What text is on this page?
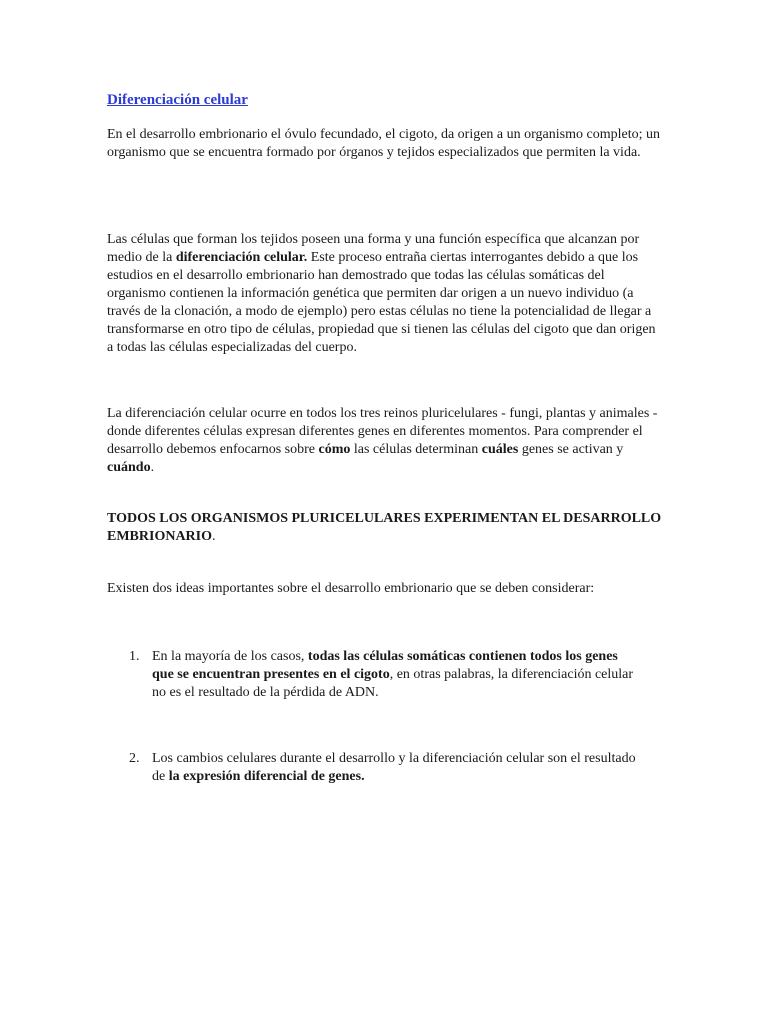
Diferenciación celular

En el desarrollo embrionario el óvulo fecundado, el cigoto, da origen a un organismo completo; un organismo que se encuentra formado por órganos y tejidos especializados que permiten la vida.

Las células que forman los tejidos poseen una forma y una función específica que alcanzan por medio de la diferenciación celular. Este proceso entraña ciertas interrogantes debido a que los estudios en el desarrollo embrionario han demostrado que todas las células somáticas del organismo contienen la información genética que permiten dar origen a un nuevo individuo (a través de la clonación, a modo de ejemplo) pero estas células no tiene la potencialidad de llegar a transformarse en otro tipo de células, propiedad que si tienen las células del cigoto que dan origen a todas las células especializadas del cuerpo.

La diferenciación celular ocurre en todos los tres reinos pluricelulares - fungi, plantas y animales - donde diferentes células expresan diferentes genes en diferentes momentos. Para comprender el desarrollo debemos enfocarnos sobre cómo las células determinan cuáles genes se activan y cuándo.

TODOS LOS ORGANISMOS PLURICELULARES EXPERIMENTAN EL DESARROLLO EMBRIONARIO.

Existen dos ideas importantes sobre el desarrollo embrionario que se deben considerar:

1. En la mayoría de los casos, todas las células somáticas contienen todos los genes que se encuentran presentes en el cigoto, en otras palabras, la diferenciación celular no es el resultado de la pérdida de ADN.
2. Los cambios celulares durante el desarrollo y la diferenciación celular son el resultado de la expresión diferencial de genes.
